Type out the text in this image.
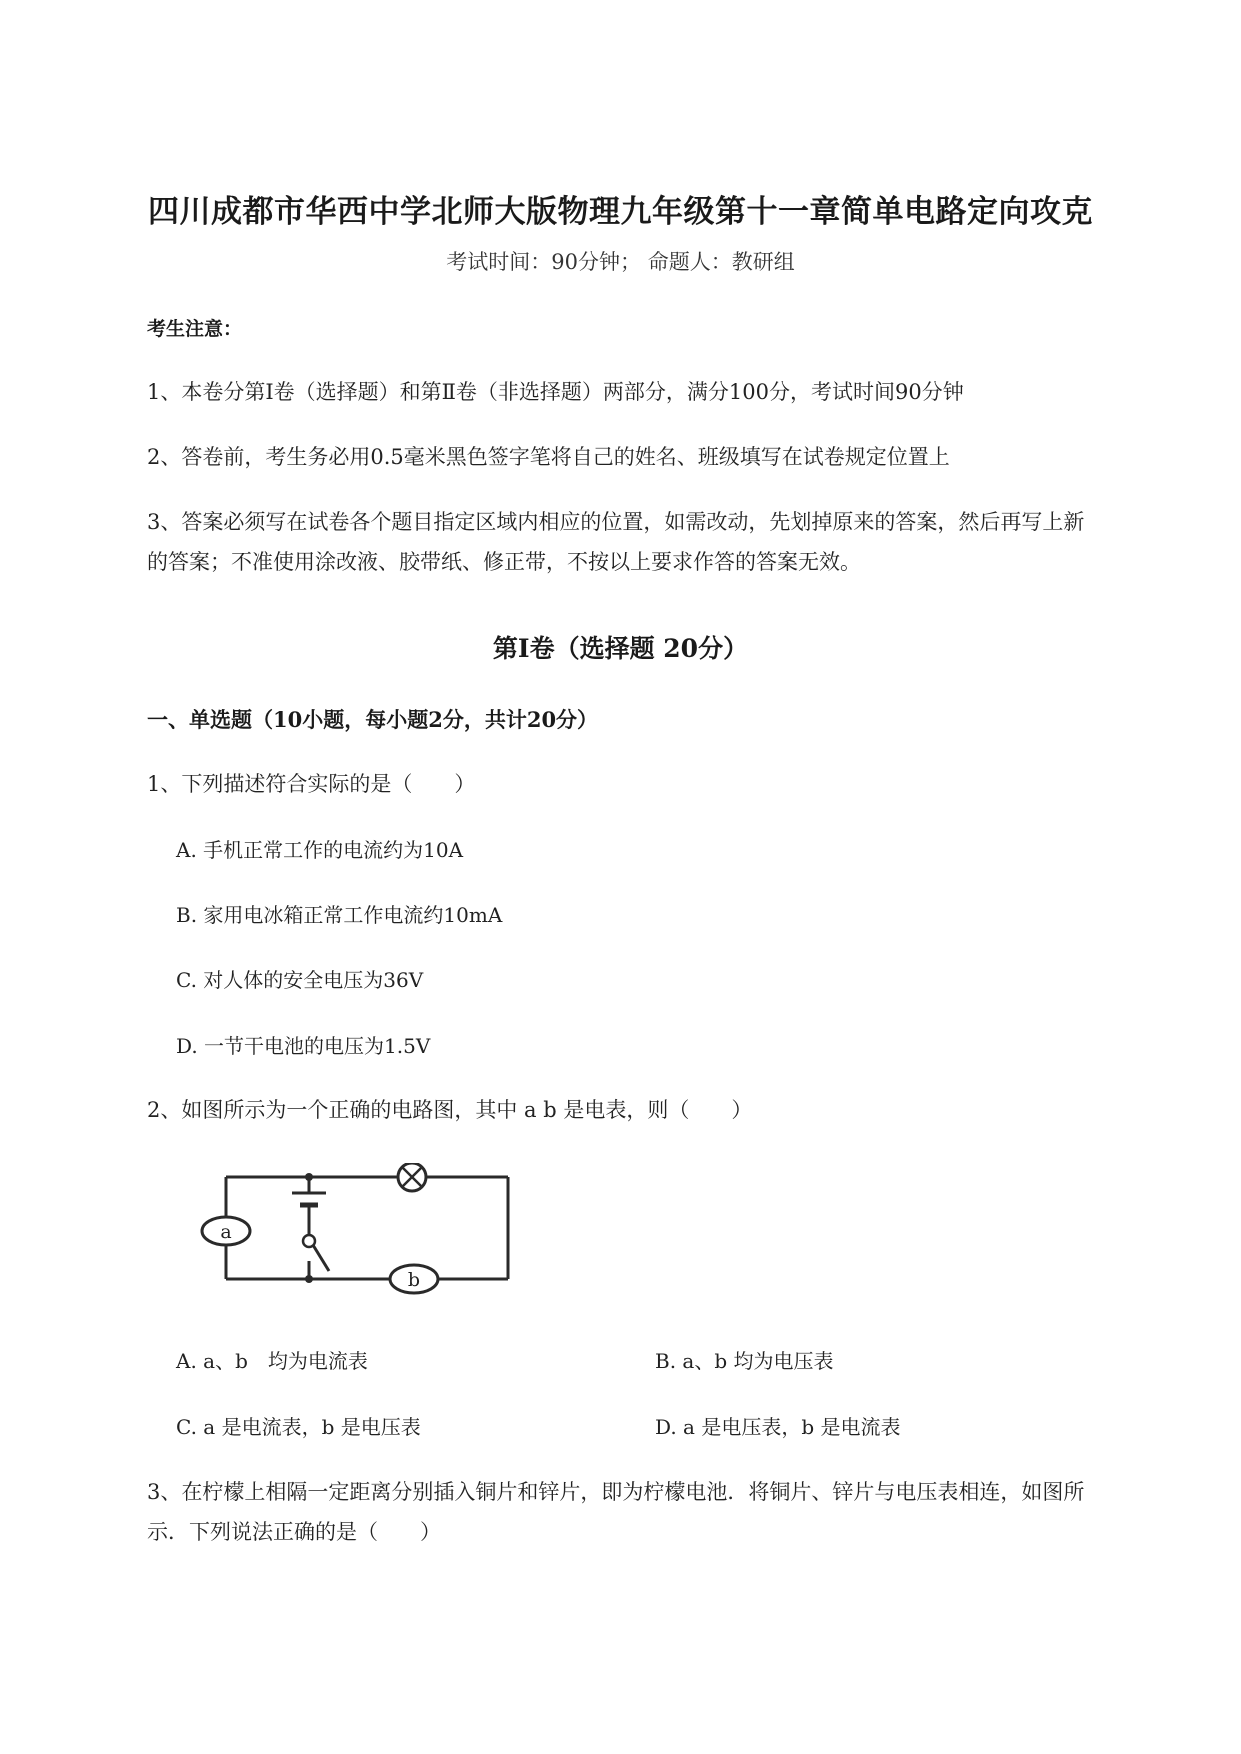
四川成都市华西中学北师大版物理九年级第十一章简单电路定向攻克
考试时间：90分钟； 命题人：教研组
考生注意：
1、本卷分第Ⅰ卷（选择题）和第Ⅱ卷（非选择题）两部分，满分100分，考试时间90分钟
2、答卷前，考生务必用0.5毫米黑色签字笔将自己的姓名、班级填写在试卷规定位置上
3、答案必须写在试卷各个题目指定区域内相应的位置，如需改动，先划掉原来的答案，然后再写上新
的答案；不准使用涂改液、胶带纸、修正带，不按以上要求作答的答案无效。
第Ⅰ卷（选择题 20分）
一、单选题（10小题，每小题2分，共计20分）
1、下列描述符合实际的是（　　）
A. 手机正常工作的电流约为10A
B. 家用电冰箱正常工作电流约10mA
C. 对人体的安全电压为36V
D. 一节干电池的电压为1.5V
2、如图所示为一个正确的电路图，其中 a b 是电表，则（　　）
a
b
A. a、b　均为电流表	B. a、b 均为电压表
C. a 是电流表，b 是电压表	D. a 是电压表，b 是电流表
3、在柠檬上相隔一定距离分别插入铜片和锌片，即为柠檬电池．将铜片、锌片与电压表相连，如图所
示．下列说法正确的是（　　）
